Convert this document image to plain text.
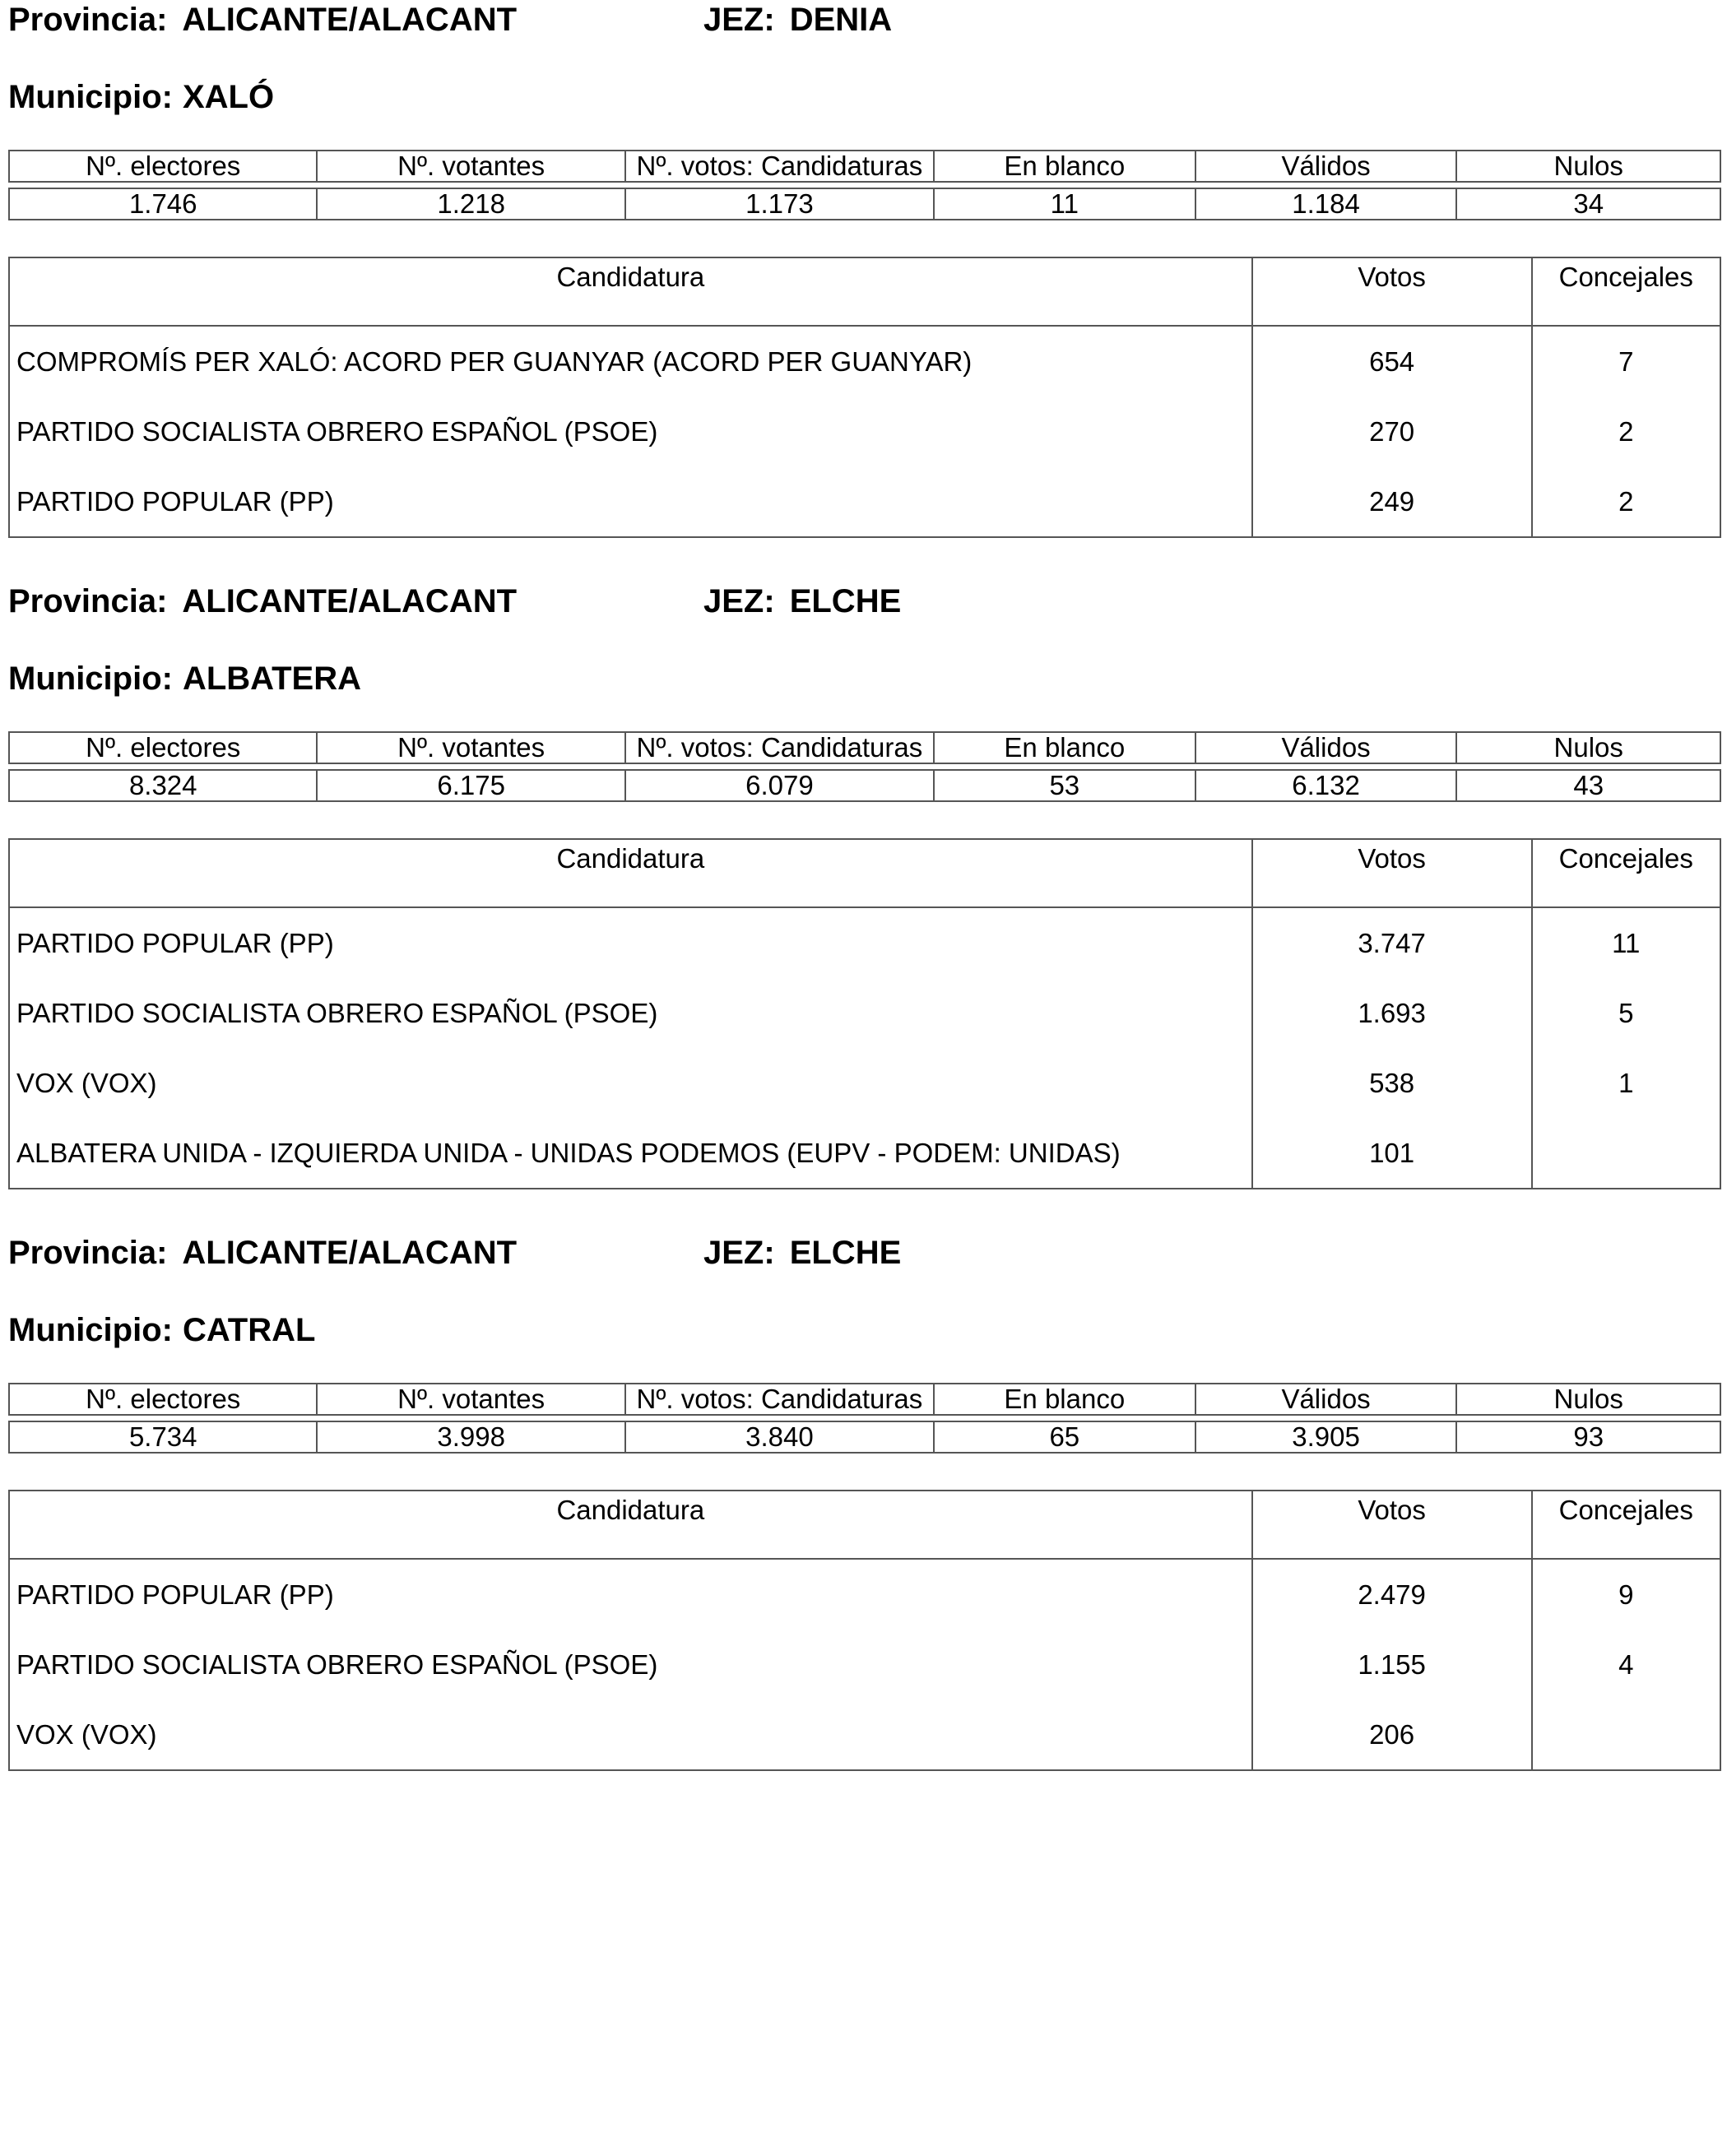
Provincia: ALICANTE/ALACANT	JEZ: DENIA
Municipio: XALÓ
Nº. electores	Nº. votantes	Nº. votos: Candidaturas	En blanco	Válidos	Nulos

1.746	1.218	1.173	11	1.184	34
Candidatura	Votos	Concejales
COMPROMÍS PER XALÓ: ACORD PER GUANYAR (ACORD PER GUANYAR)	654	7
PARTIDO SOCIALISTA OBRERO ESPAÑOL (PSOE)	270	2
PARTIDO POPULAR (PP)	249	2
Provincia: ALICANTE/ALACANT	JEZ: ELCHE
Municipio: ALBATERA
Nº. electores	Nº. votantes	Nº. votos: Candidaturas	En blanco	Válidos	Nulos

8.324	6.175	6.079	53	6.132	43
Candidatura	Votos	Concejales
PARTIDO POPULAR (PP)	3.747	11
PARTIDO SOCIALISTA OBRERO ESPAÑOL (PSOE)	1.693	5
VOX (VOX)	538	1
ALBATERA UNIDA - IZQUIERDA UNIDA - UNIDAS PODEMOS (EUPV - PODEM: UNIDAS)	101	
Provincia: ALICANTE/ALACANT	JEZ: ELCHE
Municipio: CATRAL
Nº. electores	Nº. votantes	Nº. votos: Candidaturas	En blanco	Válidos	Nulos

5.734	3.998	3.840	65	3.905	93
Candidatura	Votos	Concejales
PARTIDO POPULAR (PP)	2.479	9
PARTIDO SOCIALISTA OBRERO ESPAÑOL (PSOE)	1.155	4
VOX (VOX)	206	
